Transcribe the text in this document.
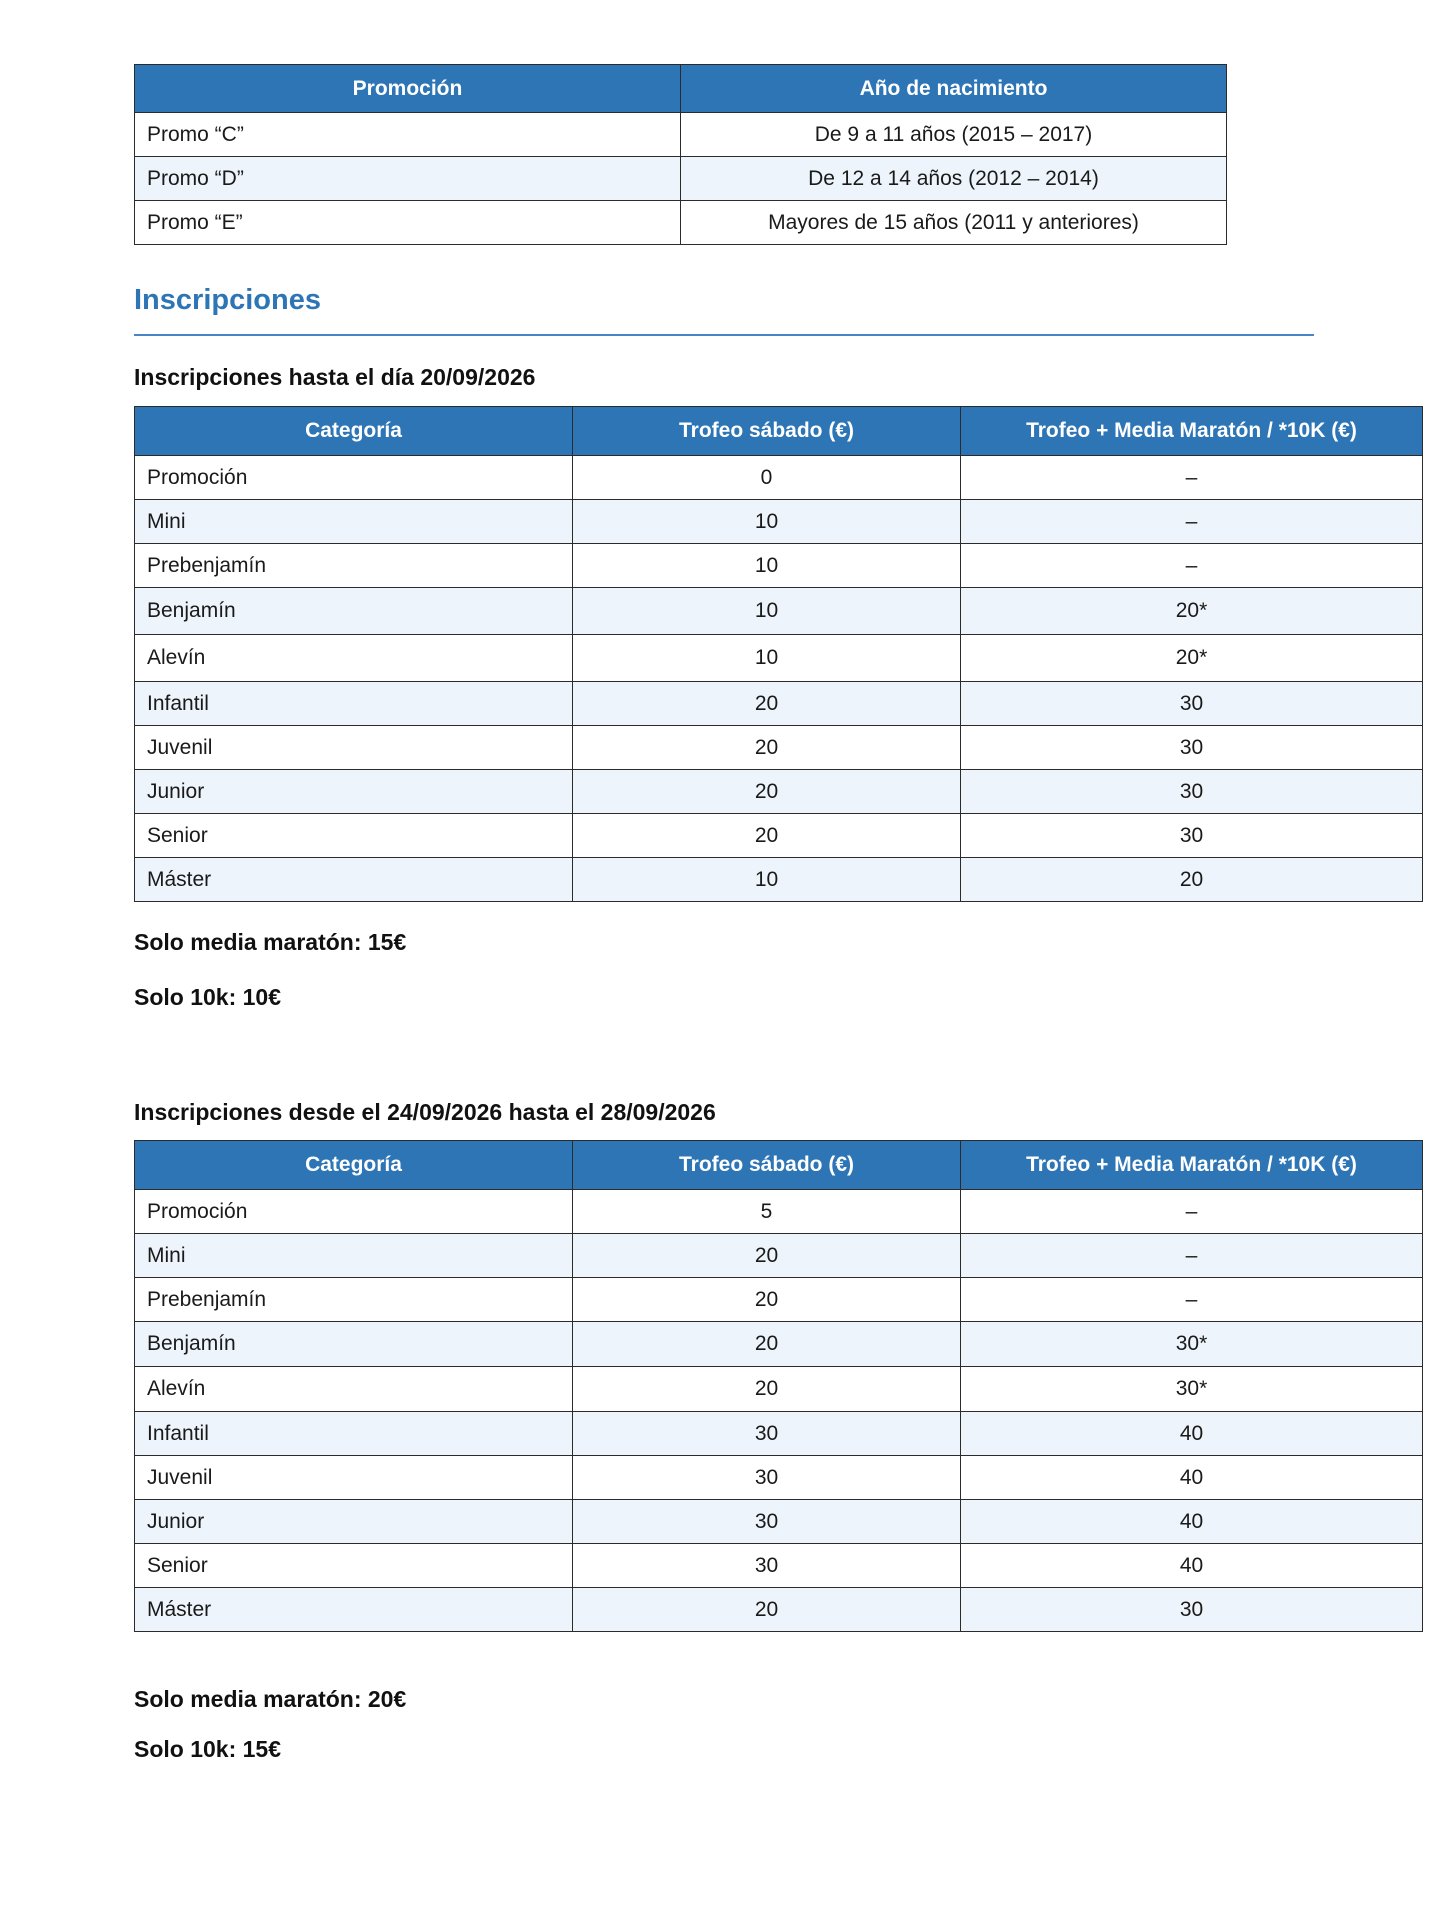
Promoción	Año de nacimiento
Promo “C”	De 9 a 11 años (2015 – 2017)
Promo “D”	De 12 a 14 años (2012 – 2014)
Promo “E”	Mayores de 15 años (2011 y anteriores)
Inscripciones
Inscripciones hasta el día 20/09/2026
Categoría	Trofeo sábado (€)	Trofeo + Media Maratón / *10K (€)
Promoción	0	–
Mini	10	–
Prebenjamín	10	–
Benjamín	10	20*
Alevín	10	20*
Infantil	20	30
Juvenil	20	30
Junior	20	30
Senior	20	30
Máster	10	20
Solo media maratón: 15€
Solo 10k: 10€
Inscripciones desde el 24/09/2026 hasta el 28/09/2026
Categoría	Trofeo sábado (€)	Trofeo + Media Maratón / *10K (€)
Promoción	5	–
Mini	20	–
Prebenjamín	20	–
Benjamín	20	30*
Alevín	20	30*
Infantil	30	40
Juvenil	30	40
Junior	30	40
Senior	30	40
Máster	20	30
Solo media maratón: 20€
Solo 10k: 15€
